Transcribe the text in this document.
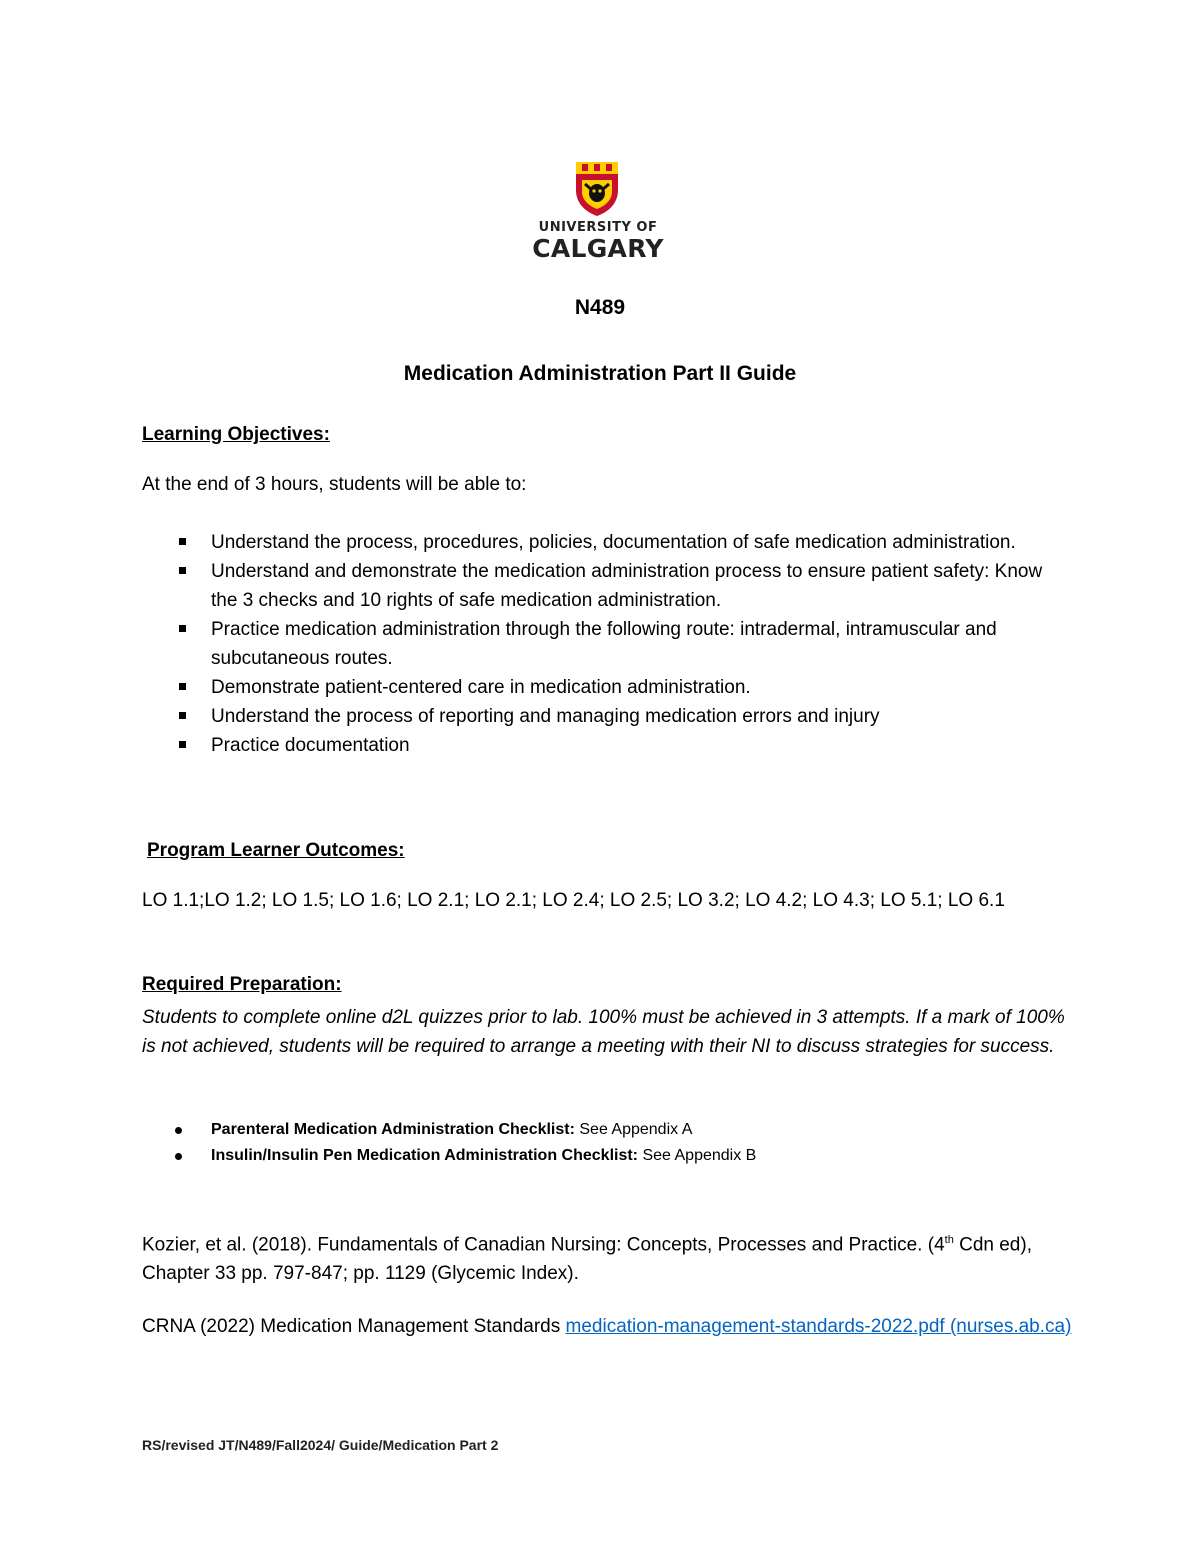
UNIVERSITY OF
CALGARY
N489
Medication Administration Part II Guide
Learning Objectives:
At the end of 3 hours, students will be able to:
Understand the process, procedures, policies, documentation of safe medication administration.
Understand and demonstrate the medication administration process to ensure patient safety: Know the 3 checks and 10 rights of safe medication administration.
Practice medication administration through the following route: intradermal, intramuscular and subcutaneous routes.
Demonstrate patient-centered care in medication administration.
Understand the process of reporting and managing medication errors and injury
Practice documentation
Program Learner Outcomes:
LO 1.1;LO 1.2; LO 1.5; LO 1.6; LO 2.1; LO 2.1; LO 2.4; LO 2.5; LO 3.2; LO 4.2; LO 4.3; LO 5.1; LO 6.1
Required Preparation:
Students to complete online d2L quizzes prior to lab. 100% must be achieved in 3 attempts. If a mark of 100% is not achieved, students will be required to arrange a meeting with their NI to discuss strategies for success.
Parenteral Medication Administration Checklist: See Appendix A
Insulin/Insulin Pen Medication Administration Checklist: See Appendix B
Kozier, et al. (2018). Fundamentals of Canadian Nursing: Concepts, Processes and Practice. (4th Cdn ed), Chapter 33 pp. 797-847; pp. 1129 (Glycemic Index).
CRNA (2022) Medication Management Standards medication-management-standards-2022.pdf (nurses.ab.ca)
RS/revised JT/N489/Fall2024/ Guide/Medication Part 2
